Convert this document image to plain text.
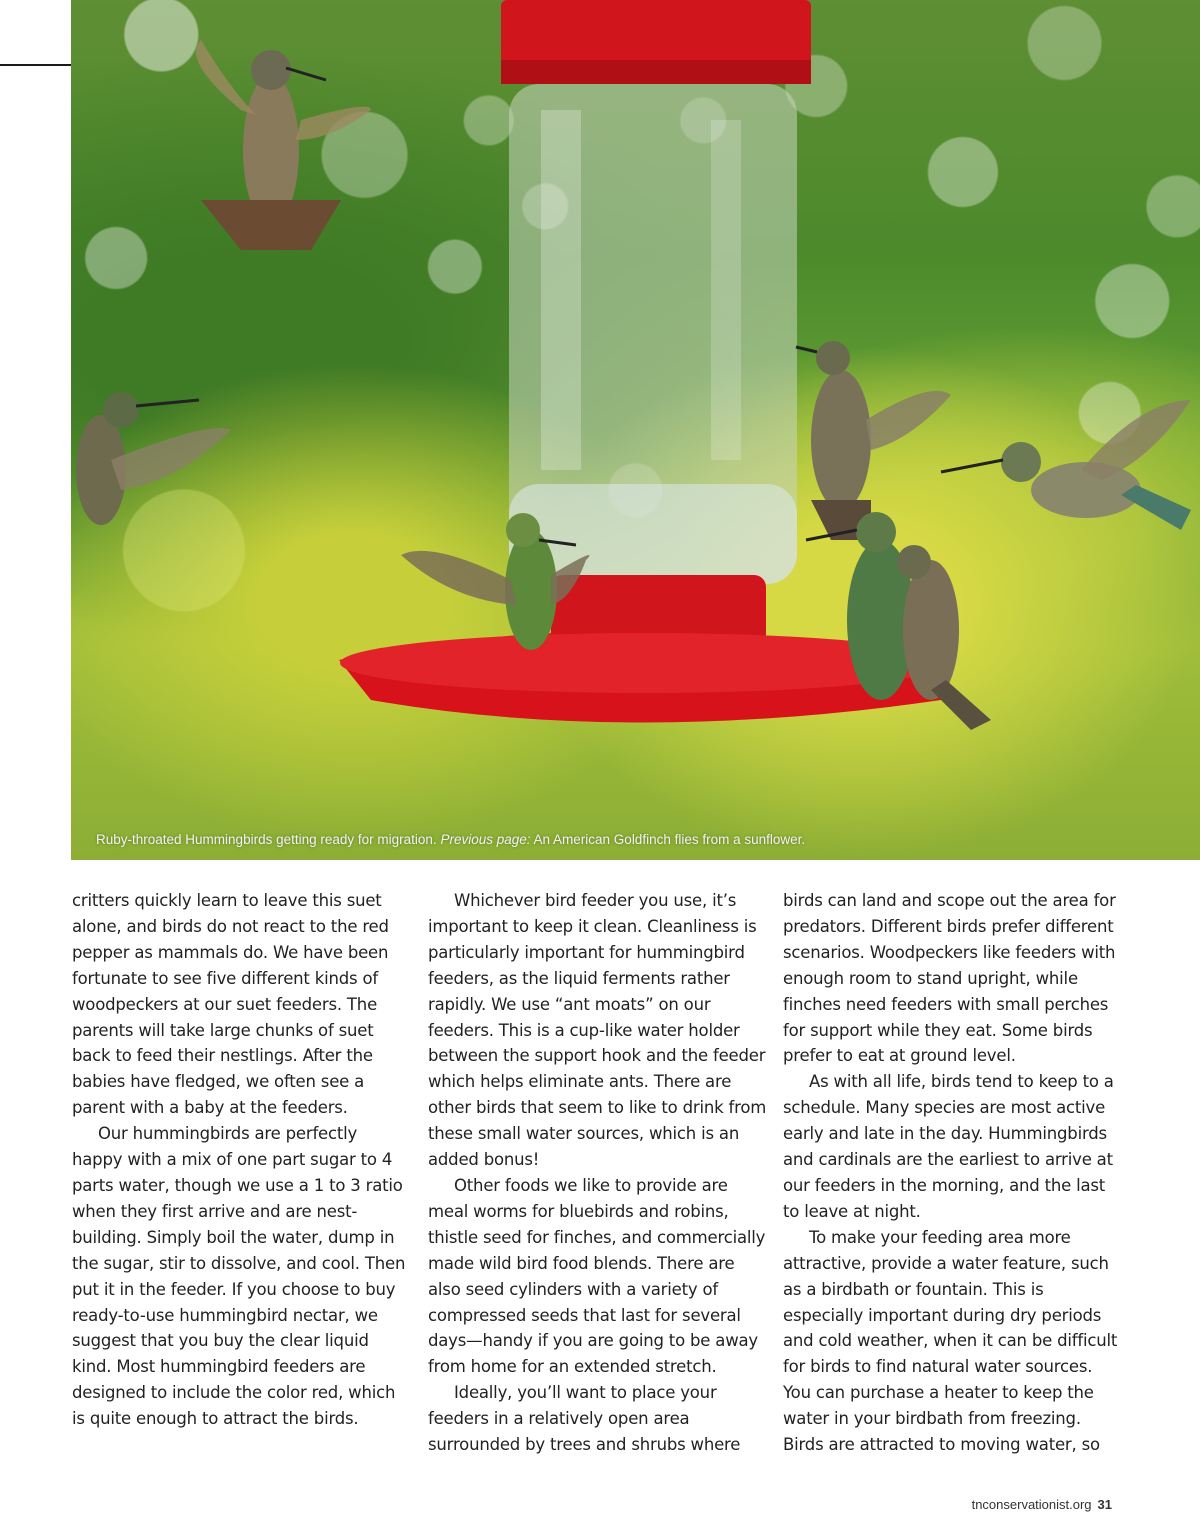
Ruby-throated Hummingbirds getting ready for migration. Previous page: An American Goldfinch flies from a sunflower.

critters quickly learn to leave this suet alone, and birds do not react to the red pepper as mammals do. We have been fortunate to see five different kinds of woodpeckers at our suet feeders. The parents will take large chunks of suet back to feed their nestlings. After the babies have fledged, we often see a parent with a baby at the feeders.

Our hummingbirds are perfectly happy with a mix of one part sugar to 4 parts water, though we use a 1 to 3 ratio when they first arrive and are nest-building. Simply boil the water, dump in the sugar, stir to dissolve, and cool. Then put it in the feeder. If you choose to buy ready-to-use hummingbird nectar, we suggest that you buy the clear liquid kind. Most hummingbird feeders are designed to include the color red, which is quite enough to attract the birds.

Whichever bird feeder you use, it’s important to keep it clean. Cleanliness is particularly important for hummingbird feeders, as the liquid ferments rather rapidly. We use “ant moats” on our feeders. This is a cup-like water holder between the support hook and the feeder which helps eliminate ants. There are other birds that seem to like to drink from these small water sources, which is an added bonus!

Other foods we like to provide are meal worms for bluebirds and robins, thistle seed for finches, and commercially made wild bird food blends. There are also seed cylinders with a variety of compressed seeds that last for several days—handy if you are going to be away from home for an extended stretch.

Ideally, you’ll want to place your feeders in a relatively open area surrounded by trees and shrubs where

birds can land and scope out the area for predators. Different birds prefer different scenarios. Woodpeckers like feeders with enough room to stand upright, while finches need feeders with small perches for support while they eat. Some birds prefer to eat at ground level.

As with all life, birds tend to keep to a schedule. Many species are most active early and late in the day. Hummingbirds and cardinals are the earliest to arrive at our feeders in the morning, and the last to leave at night.

To make your feeding area more attractive, provide a water feature, such as a birdbath or fountain. This is especially important during dry periods and cold weather, when it can be difficult for birds to find natural water sources. You can purchase a heater to keep the water in your birdbath from freezing. Birds are attracted to moving water, so

tnconservationist.org 31
